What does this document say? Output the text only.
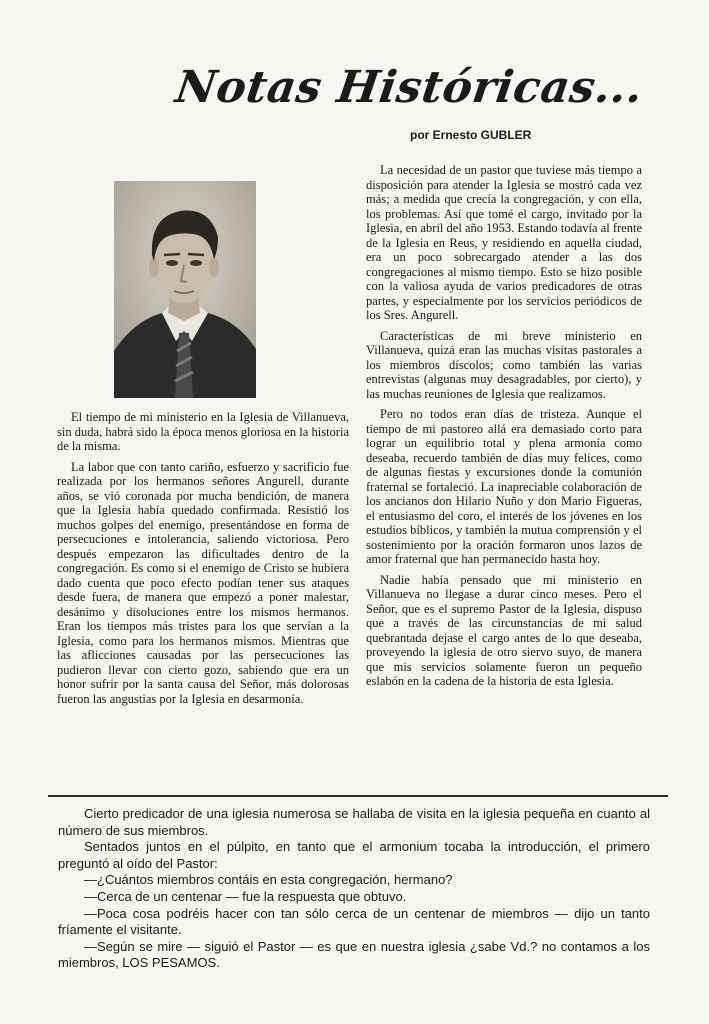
Notas Históricas...
por Ernesto GUBLER

El tiempo de mi ministerio en la Iglesia de Villanueva, sin duda, habrá sido la época menos gloriosa en la historia de la misma.

La labor que con tanto cariño, esfuerzo y sacrificio fue realizada por los hermanos señores Angurell, durante años, se vió coronada por mucha bendición, de manera que la Iglesia había quedado confirmada. Resistió los muchos golpes del enemigo, presentándose en forma de persecuciones e intolerancia, saliendo victoriosa. Pero después empezaron las dificultades dentro de la congregación. Es como si el enemigo de Cristo se hubiera dado cuenta que poco efecto podían tener sus ataques desde fuera, de manera que empezó a poner malestar, desánimo y disoluciones entre los mismos hermanos. Eran los tiempos más tristes para los que servían a la Iglesia, como para los hermanos mismos. Mientras que las aflicciones causadas por las persecuciones las pudieron llevar con cierto gozo, sabiendo que era un honor sufrir por la santa causa del Señor, más dolorosas fueron las angustias por la Iglesia en desarmonía.

La necesidad de un pastor que tuviese más tiempo a disposición para atender la Iglesia se mostró cada vez más; a medida que crecía la congregación, y con ella, los problemas. Así que tomé el cargo, invitado por la Iglesia, en abril del año 1953. Estando todavía al frente de la Iglesia en Reus, y residiendo en aquella ciudad, era un poco sobrecargado atender a las dos congregaciones al mismo tiempo. Esto se hizo posible con la valiosa ayuda de varios predicadores de otras partes, y especialmente por los servicios periódicos de los Sres. Angurell.

Características de mi breve ministerio en Villanueva, quizá eran las muchas visitas pastorales a los miembros díscolos; como también las varias entrevistas (algunas muy desagradables, por cierto), y las muchas reuniones de Iglesia que realizamos.

Pero no todos eran días de tristeza. Aunque el tiempo de mi pastoreo allá era demasiado corto para lograr un equilibrio total y plena armonía como deseaba, recuerdo también de días muy felices, como de algunas fiestas y excursiones donde la comunión fraternal se fortaleció. La inapreciable colaboración de los ancianos don Hilario Nuño y don Mario Figueras, el entusiasmo del coro, el interés de los jóvenes en los estudios bíblicos, y también la mutua comprensión y el sostenimiento por la oración formaron unos lazos de amor fraternal que han permanecido hasta hoy.

Nadie había pensado que mi ministerio en Villanueva no llegase a durar cinco meses. Pero el Señor, que es el supremo Pastor de la Iglesia, dispuso que a través de las circunstancias de mi salud quebrantada dejase el cargo antes de lo que deseaba, proveyendo la iglesia de otro siervo suyo, de manera que mis servicios solamente fueron un pequeño eslabón en la cadena de la historia de esta Iglesia.

Cierto predicador de una iglesia numerosa se hallaba de visita en la iglesia pequeña en cuanto al número de sus miembros.

Sentados juntos en el púlpito, en tanto que el armonium tocaba la introducción, el primero preguntó al oído del Pastor:

—¿Cuántos miembros contáis en esta congregación, hermano?

—Cerca de un centenar — fue la respuesta que obtuvo.

—Poca cosa podréis hacer con tan sólo cerca de un centenar de miembros — dijo un tanto fríamente el visitante.

—Según se mire — siguió el Pastor — es que en nuestra iglesia ¿sabe Vd.? no contamos a los miembros, LOS PESAMOS.
